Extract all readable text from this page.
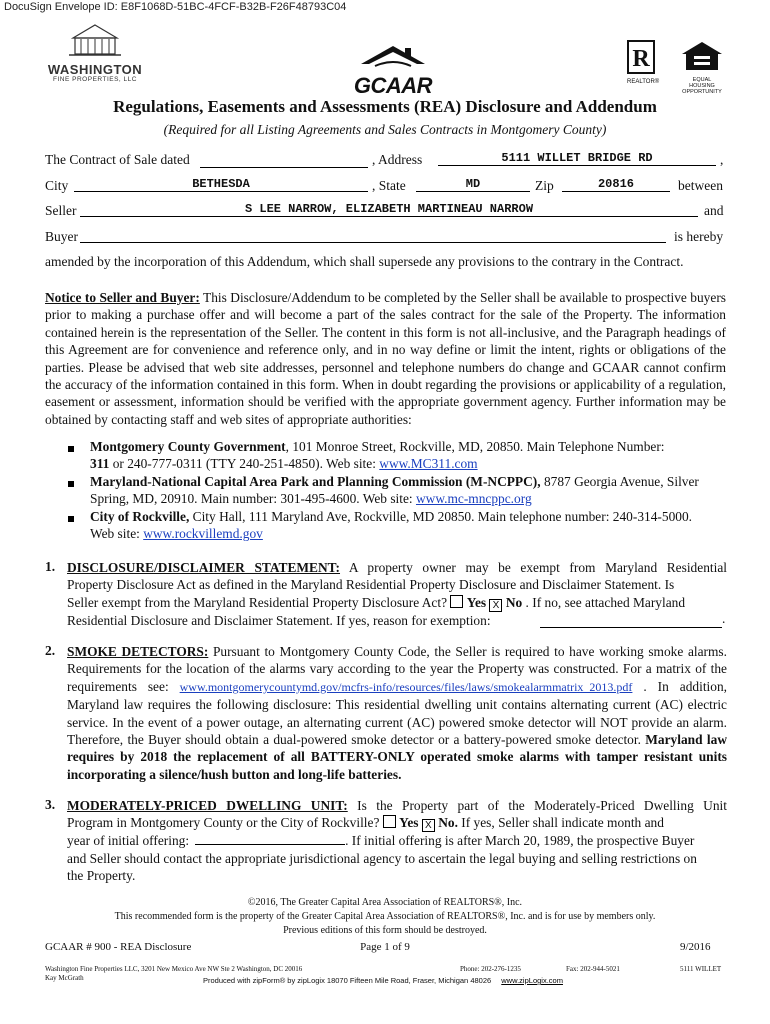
DocuSign Envelope ID: E8F1068D-51BC-4FCF-B32B-F26F48793C04
WASHINGTON
FINE PROPERTIES, LLC	GCAAR
R
REALTOR®	EQUAL HOUSING OPPORTUNITY
Regulations, Easements and Assessments (REA) Disclosure and Addendum
(Required for all Listing Agreements and Sales Contracts in Montgomery County)
The Contract of Sale dated	, Address	5111 WILLET BRIDGE RD	,
City	BETHESDA	, State	MD	Zip	20816	between
Seller	S LEE NARROW, ELIZABETH MARTINEAU NARROW	and
Buyer	is hereby
amended by the incorporation of this Addendum, which shall supersede any provisions to the contrary in the Contract.
Notice to Seller and Buyer: This Disclosure/Addendum to be completed by the Seller shall be available to prospective buyers prior to making a purchase offer and will become a part of the sales contract for the sale of the Property. The information contained herein is the representation of the Seller. The content in this form is not all-inclusive, and the Paragraph headings of this Agreement are for convenience and reference only, and in no way define or limit the intent, rights or obligations of the parties. Please be advised that web site addresses, personnel and telephone numbers do change and GCAAR cannot confirm the accuracy of the information contained in this form. When in doubt regarding the provisions or applicability of a regulation, easement or assessment, information should be verified with the appropriate government agency. Further information may be obtained by contacting staff and web sites of appropriate authorities:
Montgomery County Government, 101 Monroe Street, Rockville, MD, 20850. Main Telephone Number:
311 or 240-777-0311 (TTY 240-251-4850). Web site: www.MC311.com
Maryland-National Capital Area Park and Planning Commission (M-NCPPC), 8787 Georgia Avenue, Silver
Spring, MD, 20910. Main number: 301-495-4600. Web site: www.mc-mncppc.org
City of Rockville, City Hall, 111 Maryland Ave, Rockville, MD 20850. Main telephone number: 240-314-5000.
Web site: www.rockvillemd.gov
1. DISCLOSURE/DISCLAIMER STATEMENT: A property owner may be exempt from Maryland Residential
Property Disclosure Act as defined in the Maryland Residential Property Disclosure and Disclaimer Statement. Is
Seller exempt from the Maryland Residential Property Disclosure Act? Yes X No . If no, see attached Maryland
Residential Disclosure and Disclaimer Statement. If yes, reason for exemption:	.
2. SMOKE DETECTORS: Pursuant to Montgomery County Code, the Seller is required to have working smoke alarms. Requirements for the location of the alarms vary according to the year the Property was constructed. For a matrix of the requirements see: www.montgomerycountymd.gov/mcfrs-info/resources/files/laws/smokealarmmatrix_2013.pdf . In addition, Maryland law requires the following disclosure: This residential dwelling unit contains alternating current (AC) electric service. In the event of a power outage, an alternating current (AC) powered smoke detector will NOT provide an alarm. Therefore, the Buyer should obtain a dual-powered smoke detector or a battery-powered smoke detector. Maryland law requires by 2018 the replacement of all BATTERY-ONLY operated smoke alarms with tamper resistant units incorporating a silence/hush button and long-life batteries.
3. MODERATELY-PRICED DWELLING UNIT: Is the Property part of the Moderately-Priced Dwelling Unit
Program in Montgomery County or the City of Rockville? Yes X No. If yes, Seller shall indicate month and
year of initial offering:	. If initial offering is after March 20, 1989, the prospective Buyer
and Seller should contact the appropriate jurisdictional agency to ascertain the legal buying and selling restrictions on
the Property.
©2016, The Greater Capital Area Association of REALTORS®, Inc.
This recommended form is the property of the Greater Capital Area Association of REALTORS®, Inc. and is for use by members only.
Previous editions of this form should be destroyed.
GCAAR # 900 - REA Disclosure	Page 1 of 9	9/2016
Washington Fine Properties LLC, 3201 New Mexico Ave NW Ste 2 Washington, DC 20016	Phone: 202-276-1235	Fax: 202-944-5021	5111 WILLET
Kay McGrath	Produced with zipForm® by zipLogix 18070 Fifteen Mile Road, Fraser, Michigan 48026 www.zipLogix.com
